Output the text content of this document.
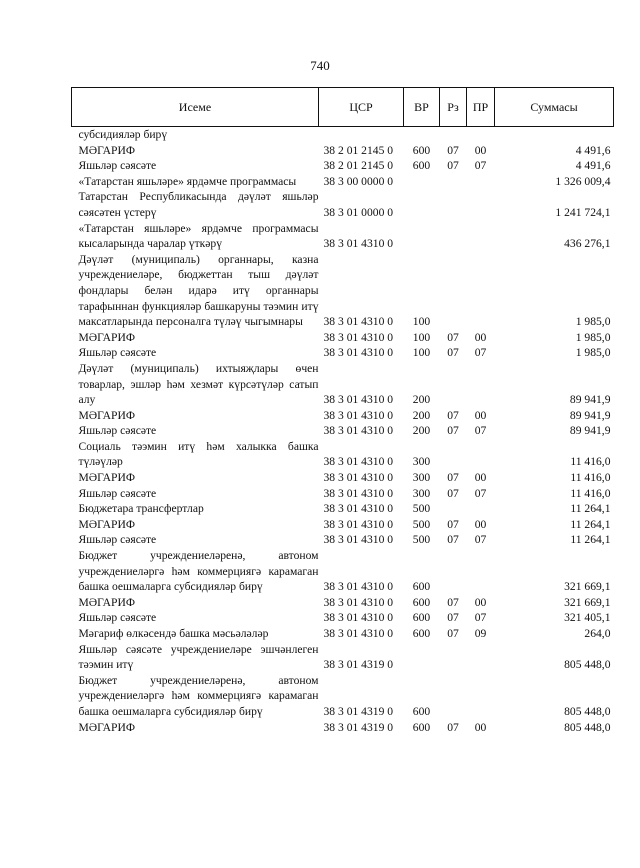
740
Исеме	ЦСР	ВР	Рз	ПР	Суммасы
субсидияләр бирү					
МӘГАРИФ	38 2 01 2145 0	600	07	00	4 491,6
Яшьләр сәясәте	38 2 01 2145 0	600	07	07	4 491,6
«Татарстан яшьләре» ярдәмче программасы	38 3 00 0000 0				1 326 009,4
Татарстан Республикасында дәүләт яшьләр сәясәтен үстерү	38 3 01 0000 0				1 241 724,1
«Татарстан яшьләре» ярдәмче программасы кысаларында чаралар үткәрү	38 3 01 4310 0				436 276,1
Дәүләт (муниципаль) органнары, казна учреждениеләре, бюджеттан тыш дәүләт фондлары белән идарә итү органнары тарафыннан функцияләр башкаруны тәэмин итү максатларында персоналга түләү чыгымнары	38 3 01 4310 0	100			1 985,0
МӘГАРИФ	38 3 01 4310 0	100	07	00	1 985,0
Яшьләр сәясәте	38 3 01 4310 0	100	07	07	1 985,0
Дәүләт (муниципаль) ихтыяҗлары өчен товарлар, эшләр һәм хезмәт күрсәтүләр сатып алу	38 3 01 4310 0	200			89 941,9
МӘГАРИФ	38 3 01 4310 0	200	07	00	89 941,9
Яшьләр сәясәте	38 3 01 4310 0	200	07	07	89 941,9
Социаль тәэмин итү һәм халыкка башка түләүләр	38 3 01 4310 0	300			11 416,0
МӘГАРИФ	38 3 01 4310 0	300	07	00	11 416,0
Яшьләр сәясәте	38 3 01 4310 0	300	07	07	11 416,0
Бюджетара трансфертлар	38 3 01 4310 0	500			11 264,1
МӘГАРИФ	38 3 01 4310 0	500	07	00	11 264,1
Яшьләр сәясәте	38 3 01 4310 0	500	07	07	11 264,1
Бюджет учреждениеләренә, автоном учреждениеләргә һәм коммерциягә карамаган башка оешмаларга субсидияләр бирү	38 3 01 4310 0	600			321 669,1
МӘГАРИФ	38 3 01 4310 0	600	07	00	321 669,1
Яшьләр сәясәте	38 3 01 4310 0	600	07	07	321 405,1
Мәгариф өлкәсендә башка мәсьәләләр	38 3 01 4310 0	600	07	09	264,0
Яшьләр сәясәте учреждениеләре эшчәнлеген тәэмин итү	38 3 01 4319 0				805 448,0
Бюджет учреждениеләренә, автоном учреждениеләргә һәм коммерциягә карамаган башка оешмаларга субсидияләр бирү	38 3 01 4319 0	600			805 448,0
МӘГАРИФ	38 3 01 4319 0	600	07	00	805 448,0
